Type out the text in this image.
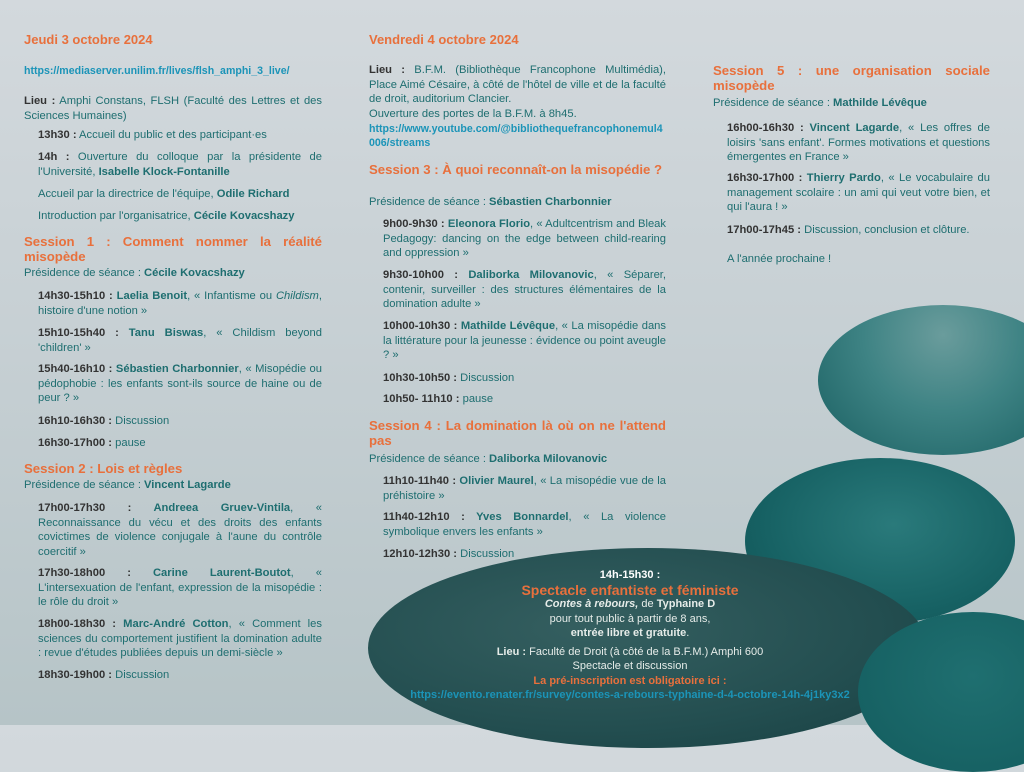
Jeudi 3 octobre 2024
https://mediaserver.unilim.fr/lives/flsh_amphi_3_live/
Lieu : Amphi Constans, FLSH (Faculté des Lettres et des Sciences Humaines)
13h30 : Accueil du public et des participant·es
14h : Ouverture du colloque par la présidente de l'Université, Isabelle Klock-Fontanille
Accueil par la directrice de l'équipe, Odile Richard
Introduction par l'organisatrice, Cécile Kovacshazy
Session 1 : Comment nommer la réalité misopède
Présidence de séance : Cécile Kovacshazy
14h30-15h10 : Laelia Benoit, « Infantisme ou Childism, histoire d'une notion »
15h10-15h40 : Tanu Biswas, « Childism beyond 'children' »
15h40-16h10 : Sébastien Charbonnier, « Misopédie ou pédophobie : les enfants sont-ils source de haine ou de peur ? »
16h10-16h30 : Discussion
16h30-17h00 : pause
Session 2 : Lois et règles
Présidence de séance : Vincent Lagarde
17h00-17h30 : Andreea Gruev-Vintila, « Reconnaissance du vécu et des droits des enfants covictimes de violence conjugale à l'aune du contrôle coercitif »
17h30-18h00 : Carine Laurent-Boutot, « L'intersexuation de l'enfant, expression de la misopédie : le rôle du droit »
18h00-18h30 : Marc-André Cotton, « Comment les sciences du comportement justifient la domination adulte : revue d'études publiées depuis un demi-siècle »
18h30-19h00 : Discussion
Vendredi 4 octobre 2024
Lieu : B.F.M. (Bibliothèque Francophone Multimédia), Place Aimé Césaire, à côté de l'hôtel de ville et de la faculté de droit, auditorium Clancier.
Ouverture des portes de la B.F.M. à 8h45.
https://www.youtube.com/@bibliothequefrancophonemul4006/streams
Session 3 : À quoi reconnaît-on la misopédie ?
Présidence de séance : Sébastien Charbonnier
9h00-9h30 : Eleonora Florio, « Adultcentrism and Bleak Pedagogy: dancing on the edge between child-rearing and oppression »
9h30-10h00 : Daliborka Milovanovic, « Séparer, contenir, surveiller : des structures élémentaires de la domination adulte »
10h00-10h30 : Mathilde Lévêque, « La misopédie dans la littérature pour la jeunesse : évidence ou point aveugle ? »
10h30-10h50 : Discussion
10h50- 11h10 : pause
Session 4 : La domination là où on ne l'attend pas
Présidence de séance : Daliborka Milovanovic
11h10-11h40 : Olivier Maurel, « La misopédie vue de la préhistoire »
11h40-12h10 : Yves Bonnardel, « La violence symbolique envers les enfants »
12h10-12h30 : Discussion
Session 5 : une organisation sociale misopède
Présidence de séance : Mathilde Lévêque
16h00-16h30 : Vincent Lagarde, « Les offres de loisirs 'sans enfant'. Formes motivations et questions émergentes en France »
16h30-17h00 : Thierry Pardo, « Le vocabulaire du management scolaire : un ami qui veut votre bien, et qui l'aura ! »
17h00-17h45 : Discussion, conclusion et clôture.
A l'année prochaine !
14h-15h30 :
Spectacle enfantiste et féministe
Contes à rebours, de Typhaine D
pour tout public à partir de 8 ans,
entrée libre et gratuite.
Lieu : Faculté de Droit (à côté de la B.F.M.) Amphi 600
Spectacle et discussion
La pré-inscription est obligatoire ici :
https://evento.renater.fr/survey/contes-a-rebours-typhaine-d-4-octobre-14h-4j1ky3x2
